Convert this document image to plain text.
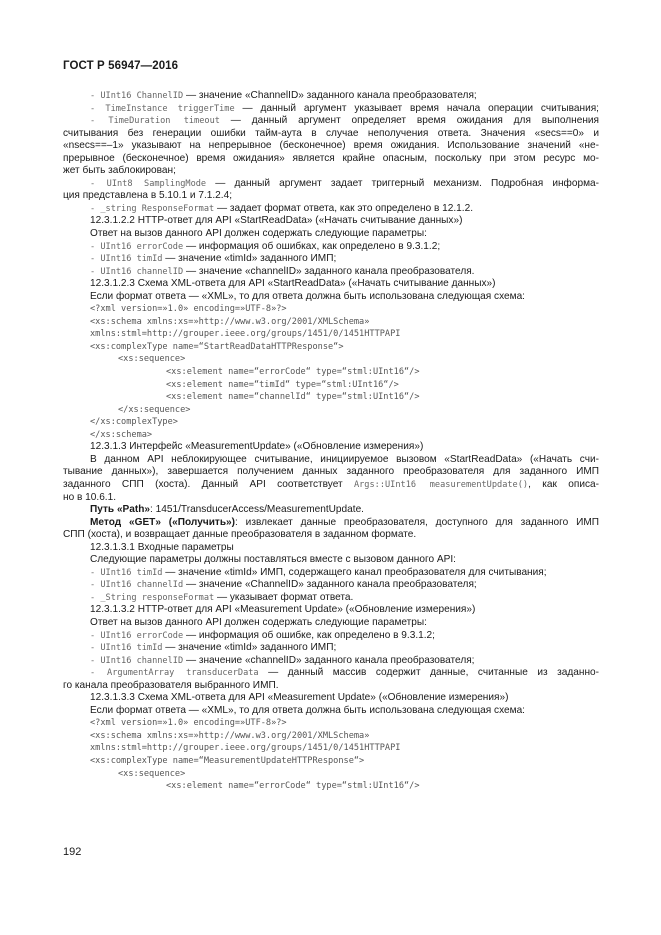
ГОСТ Р 56947—2016
- UInt16 ChannelID — значение «ChannelID» заданного канала преобразователя;
- TimeInstance triggerTime — данный аргумент указывает время начала операции считывания;
- TimeDuration timeout — данный аргумент определяет время ожидания для выполнения
считывания без генерации ошибки тайм-аута в случае неполучения ответа. Значения «secs==0» и
«nsecs==–1» указывают на непрерывное (бесконечное) время ожидания. Использование значений «не-
прерывное (бесконечное) время ожидания» является крайне опасным, поскольку при этом ресурс мо-
жет быть заблокирован;
- UInt8 SamplingMode — данный аргумент задает триггерный механизм. Подробная информа-
ция представлена в 5.10.1 и 7.1.2.4;
- _string ResponseFormat — задает формат ответа, как это определено в 12.1.2.
12.3.1.2.2 HTTP-ответ для API «StartReadData» («Начать считывание данных»)
Ответ на вызов данного API должен содержать следующие параметры:
- UInt16 errorCode — информация об ошибках, как определено в 9.3.1.2;
- UInt16 timId — значение «timId» заданного ИМП;
- UInt16 channelID — значение «channelID» заданного канала преобразователя.
12.3.1.2.3 Схема XML-ответа для API «StartReadData» («Начать считывание данных»)
Если формат ответа — «XML», то для ответа должна быть использована следующая схема:
<?xml version=»1.0» encoding=»UTF-8»?>
<xs:schema xmlns:xs=»http://www.w3.org/2001/XMLSchema»
xmlns:stml=http://grouper.ieee.org/groups/1451/0/1451HTTPAPI
<xs:complexType name=“StartReadDataHTTPResponse“>
<xs:sequence>
<xs:element name=“errorCode“ type=“stml:UInt16“/>
<xs:element name=“timId“ type=“stml:UInt16“/>
<xs:element name=“channelId“ type=“stml:UInt16“/>
</xs:sequence>
</xs:complexType>
</xs:schema>
12.3.1.3 Интерфейс «MeasurementUpdate» («Обновление измерения»)
В данном API неблокирующее считывание, инициируемое вызовом «StartReadData» («Начать счи-
тывание данных»), завершается получением данных заданного преобразователя для заданного ИМП
заданного СПП (хоста). Данный API соответствует Args::UInt16 measurementUpdate(), как описа-
но в 10.6.1.
Путь «Path»: 1451/TransducerAccess/MeasurementUpdate.
Метод «GET» («Получить»): извлекает данные преобразователя, доступного для заданного ИМП
СПП (хоста), и возвращает данные преобразователя в заданном формате.
12.3.1.3.1 Входные параметры
Следующие параметры должны поставляться вместе с вызовом данного API:
- UInt16 timId — значение «timId» ИМП, содержащего канал преобразователя для считывания;
- UInt16 channelId — значение «ChannelID» заданного канала преобразователя;
- _String responseFormat — указывает формат ответа.
12.3.1.3.2 HTTP-ответ для API «Measurement Update» («Обновление измерения»)
Ответ на вызов данного API должен содержать следующие параметры:
- UInt16 errorCode — информация об ошибке, как определено в 9.3.1.2;
- UInt16 timId — значение «timId» заданного ИМП;
- UInt16 channelID — значение «channelID» заданного канала преобразователя;
- ArgumentArray transducerData — данный массив содержит данные, считанные из заданно-
го канала преобразователя выбранного ИМП.
12.3.1.3.3 Схема XML-ответа для API «Measurement Update» («Обновление измерения»)
Если формат ответа — «XML», то для ответа должна быть использована следующая схема:
<?xml version=»1.0» encoding=»UTF-8»?>
<xs:schema xmlns:xs=»http://www.w3.org/2001/XMLSchema»
xmlns:stml=http://grouper.ieee.org/groups/1451/0/1451HTTPAPI
<xs:complexType name=“MeasurementUpdateHTTPResponse“>
<xs:sequence>
<xs:element name=“errorCode“ type=“stml:UInt16“/>
192
